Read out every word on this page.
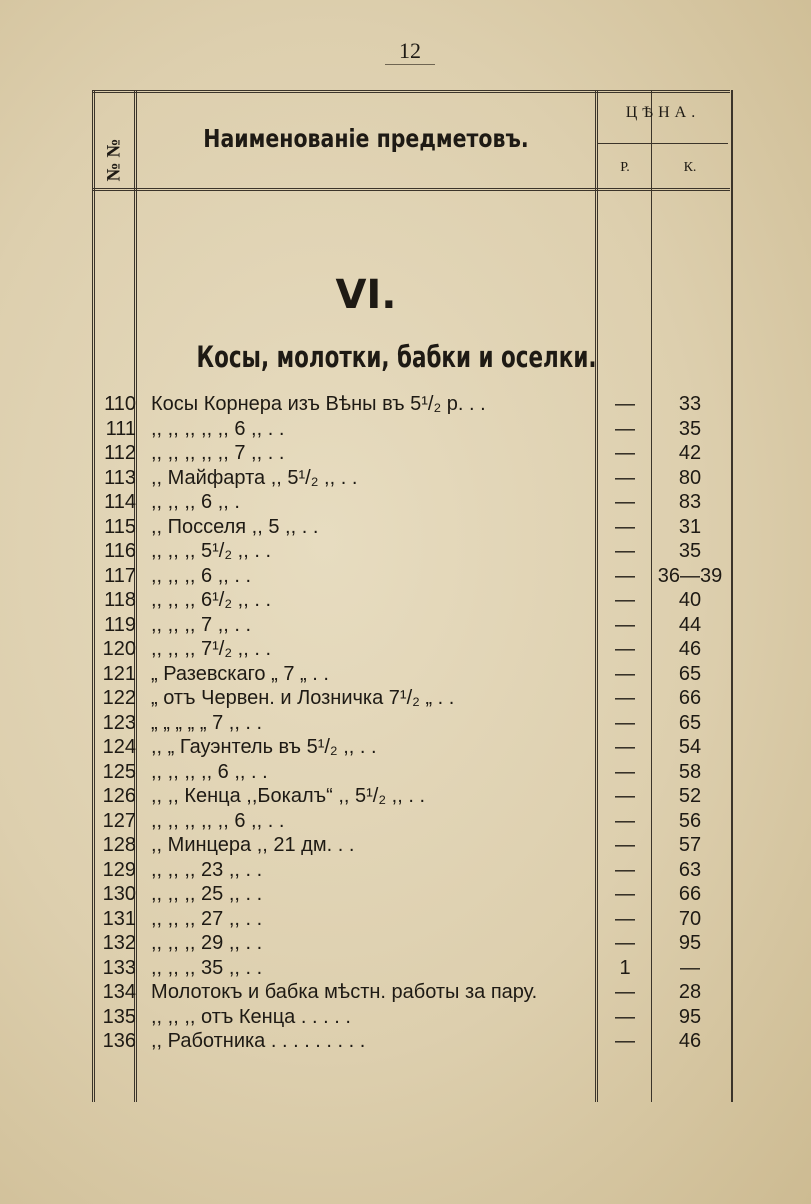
12
№ №
Наименованіе предметовъ.
ЦѢНА.
Р.	К.
VI.
Косы, молотки, бабки и оселки.
110 Косы Корнера изъ Вѣны въ 5¹/₂ р. . .	—	33
111 ,, ,, ,, ,, ,, 6 ,, . .	—	35
112 ,, ,, ,, ,, ,, 7 ,, . .	—	42
113 ,, Майфарта ,, 5¹/₂ ,, . .	—	80
114 ,, ,, ,, 6 ,, .	—	83
115 ,, Посселя ,, 5 ,, . .	—	31
116 ,, ,, ,, 5¹/₂ ,, . .	—	35
117 ,, ,, ,, 6 ,, . .	—	36—39
118 ,, ,, ,, 6¹/₂ ,, . .	—	40
119 ,, ,, ,, 7 ,, . .	—	44
120 ,, ,, ,, 7¹/₂ ,, . .	—	46
121 „ Разевскаго „ 7 „ . .	—	65
122 „ отъ Червен. и Лозничка 7¹/₂ „ . .	—	66
123 „ „ „ „ „ 7 ,, . .	—	65
124 ,, „ Гауэнтель въ 5¹/₂ ,, . .	—	54
125 ,, ,, ,, ,, 6 ,, . .	—	58
126 ,, ,, Кенца ,,Бокалъ“ ,, 5¹/₂ ,, . .	—	52
127 ,, ,, ,, ,, ,, 6 ,, . .	—	56
128 ,, Минцера ,, 21 дм. . .	—	57
129 ,, ,, ,, 23 ,, . .	—	63
130 ,, ,, ,, 25 ,, . .	—	66
131 ,, ,, ,, 27 ,, . .	—	70
132 ,, ,, ,, 29 ,, . .	—	95
133 ,, ,, ,, 35 ,, . .	1	—
134 Молотокъ и бабка мѣстн. работы за пару.	—	28
135 ,, ,, ,, отъ Кенца . . . . .	—	95
136 ,, Работника . . . . . . . . .	—	46
